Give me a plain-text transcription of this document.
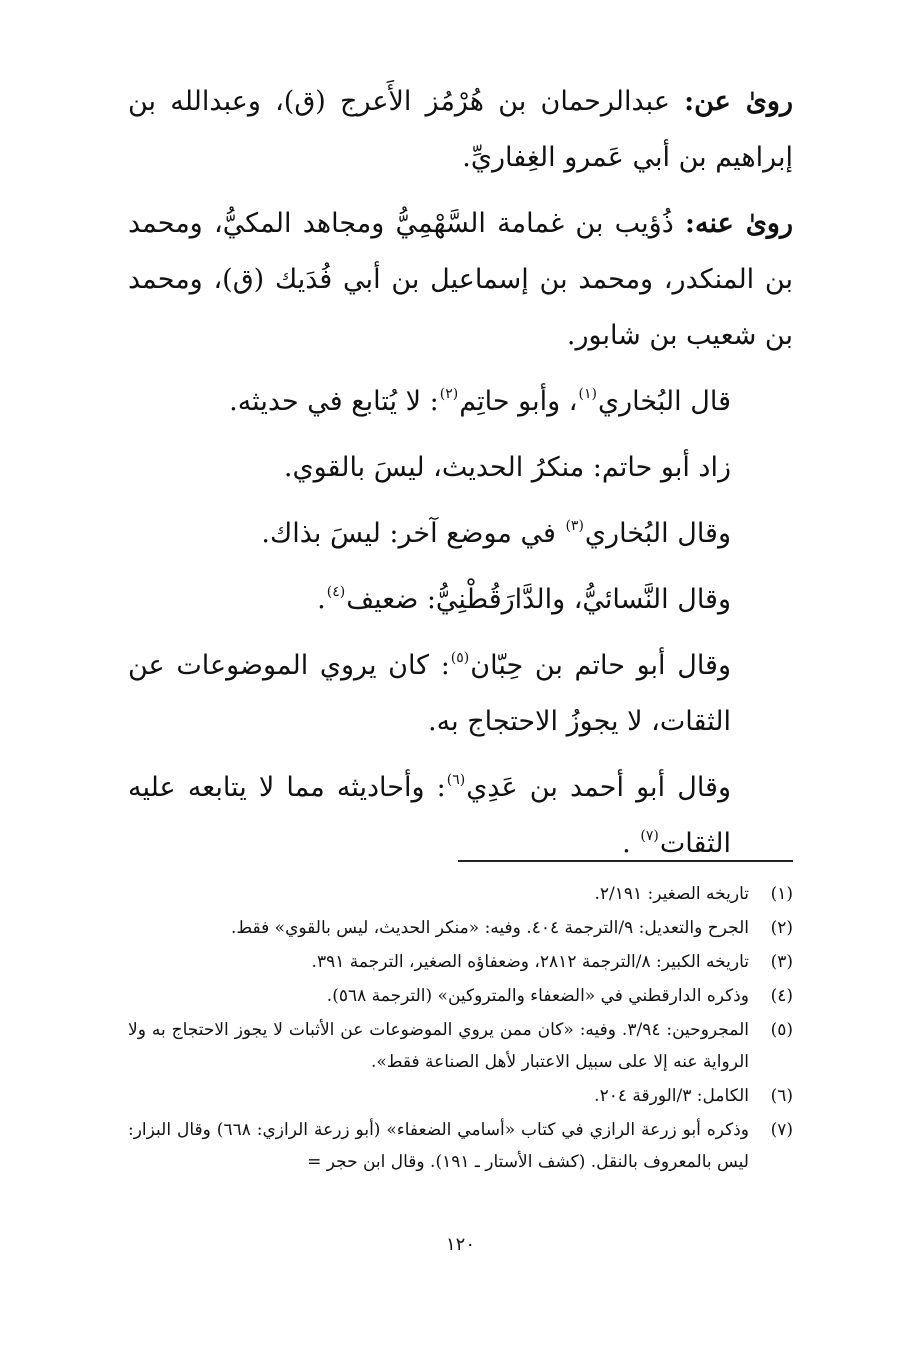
روىٰ عن: عبدالرحمان بن هُرْمُز الأَعرج (ق)، وعبدالله بن إبراهيم بن أبي عَمرو الغِفاريِّ.

روىٰ عنه: ذُؤيب بن غمامة السَّهْمِيُّ ومجاهد المكيُّ، ومحمد بن المنكدر، ومحمد بن إسماعيل بن أبي فُدَيك (ق)، ومحمد بن شعيب بن شابور.

قال البُخاري$^{(١)}$، وأبو حاتِم$^{(٢)}$: لا يُتابع في حديثه.

زاد أبو حاتم: منكرُ الحديث، ليسَ بالقوي.

وقال البُخاري$^{(٣)}$ في موضع آخر: ليسَ بذاك.

وقال النَّسائيُّ، والدَّارَقُطْنِيُّ: ضعيف$^{(٤)}$.

وقال أبو حاتم بن حِبّان$^{(٥)}$: كان يروي الموضوعات عن الثقات، لا يجوزُ الاحتجاج به.

وقال أبو أحمد بن عَدِي$^{(٦)}$: وأحاديثه مما لا يتابعه عليه الثقات$^{(٧)}$ .

(١)
تاريخه الصغير: ٢/١٩١.
(٢)
الجرح والتعديل: ٩/الترجمة ٤٠٤. وفيه: «منكر الحديث، ليس بالقوي» فقط.
(٣)
تاريخه الكبير: ٨/الترجمة ٢٨١٢، وضعفاؤه الصغير، الترجمة ٣٩١.
(٤)
وذكره الدارقطني في «الضعفاء والمتروكين» (الترجمة ٥٦٨).
(٥)
المجروحين: ٣/٩٤. وفيه: «كان ممن يروي الموضوعات عن الأثبات لا يجوز الاحتجاج به ولا الرواية عنه إلا على سبيل الاعتبار لأهل الصناعة فقط».
(٦)
الكامل: ٣/الورقة ٢٠٤.
(٧)
وذكره أبو زرعة الرازي في كتاب «أسامي الضعفاء» (أبو زرعة الرازي: ٦٦٨) وقال البزار: ليس بالمعروف بالنقل. (كشف الأستار ـ ١٩١). وقال ابن حجر =
١٢٠
